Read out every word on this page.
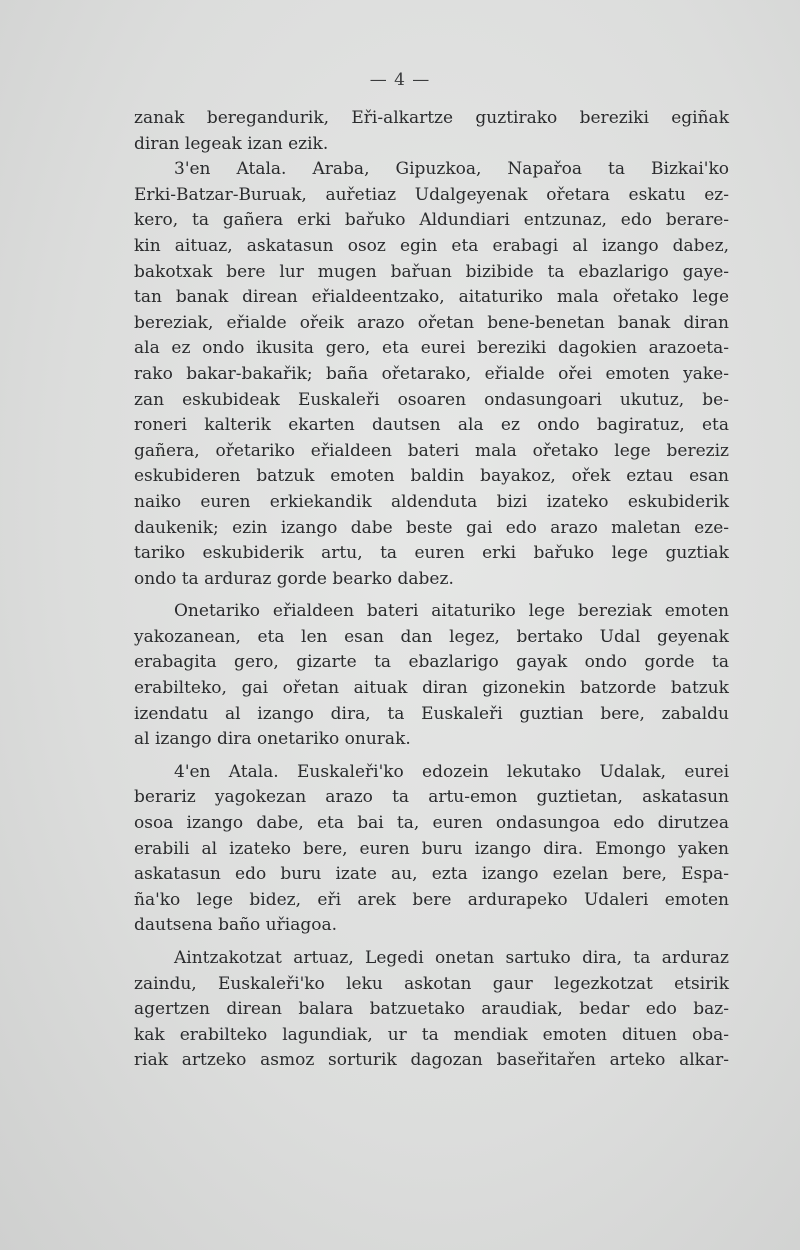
— 4 —
zanak beregandurik, Eři-alkartze guztirako bereziki egiñak
diran legeak izan ezik.
3'en Atala. Araba, Gipuzkoa, Napařoa ta Bizkai'ko
Erki-Batzar-Buruak, auřetiaz Udalgeyenak ořetara eskatu ez-
kero, ta gañera erki bařuko Aldundiari entzunaz, edo berare-
kin aituaz, askatasun osoz egin eta erabagi al izango dabez,
bakotxak bere lur mugen bařuan bizibide ta ebazlarigo gaye-
tan banak direan eřialdeentzako, aitaturiko mala ořetako lege
bereziak, eřialde ořeik arazo ořetan bene-benetan banak diran
ala ez ondo ikusita gero, eta eurei bereziki dagokien arazoeta-
rako bakar-bakařik; baña ořetarako, eřialde ořei emoten yake-
zan eskubideak Euskaleři osoaren ondasungoari ukutuz, be-
roneri kalterik ekarten dautsen ala ez ondo bagiratuz, eta
gañera, ořetariko eřialdeen bateri mala ořetako lege bereziz
eskubideren batzuk emoten baldin bayakoz, ořek eztau esan
naiko euren erkiekandik aldenduta bizi izateko eskubiderik
daukenik; ezin izango dabe beste gai edo arazo maletan eze-
tariko eskubiderik artu, ta euren erki bařuko lege guztiak
ondo ta arduraz gorde bearko dabez.
Onetariko eřialdeen bateri aitaturiko lege bereziak emoten
yakozanean, eta len esan dan legez, bertako Udal geyenak
erabagita gero, gizarte ta ebazlarigo gayak ondo gorde ta
erabilteko, gai ořetan aituak diran gizonekin batzorde batzuk
izendatu al izango dira, ta Euskaleři guztian bere, zabaldu
al izango dira onetariko onurak.
4'en Atala. Euskaleři'ko edozein lekutako Udalak, eurei
berariz yagokezan arazo ta artu-emon guztietan, askatasun
osoa izango dabe, eta bai ta, euren ondasungoa edo dirutzea
erabili al izateko bere, euren buru izango dira. Emongo yaken
askatasun edo buru izate au, ezta izango ezelan bere, Espa-
ña'ko lege bidez, eři arek bere ardurapeko Udaleri emoten
dautsena baño uřiagoa.
Aintzakotzat artuaz, Legedi onetan sartuko dira, ta arduraz
zaindu, Euskaleři'ko leku askotan gaur legezkotzat etsirik
agertzen direan balara batzuetako araudiak, bedar edo baz-
kak erabilteko lagundiak, ur ta mendiak emoten dituen oba-
riak artzeko asmoz sorturik dagozan baseřitařen arteko alkar-
